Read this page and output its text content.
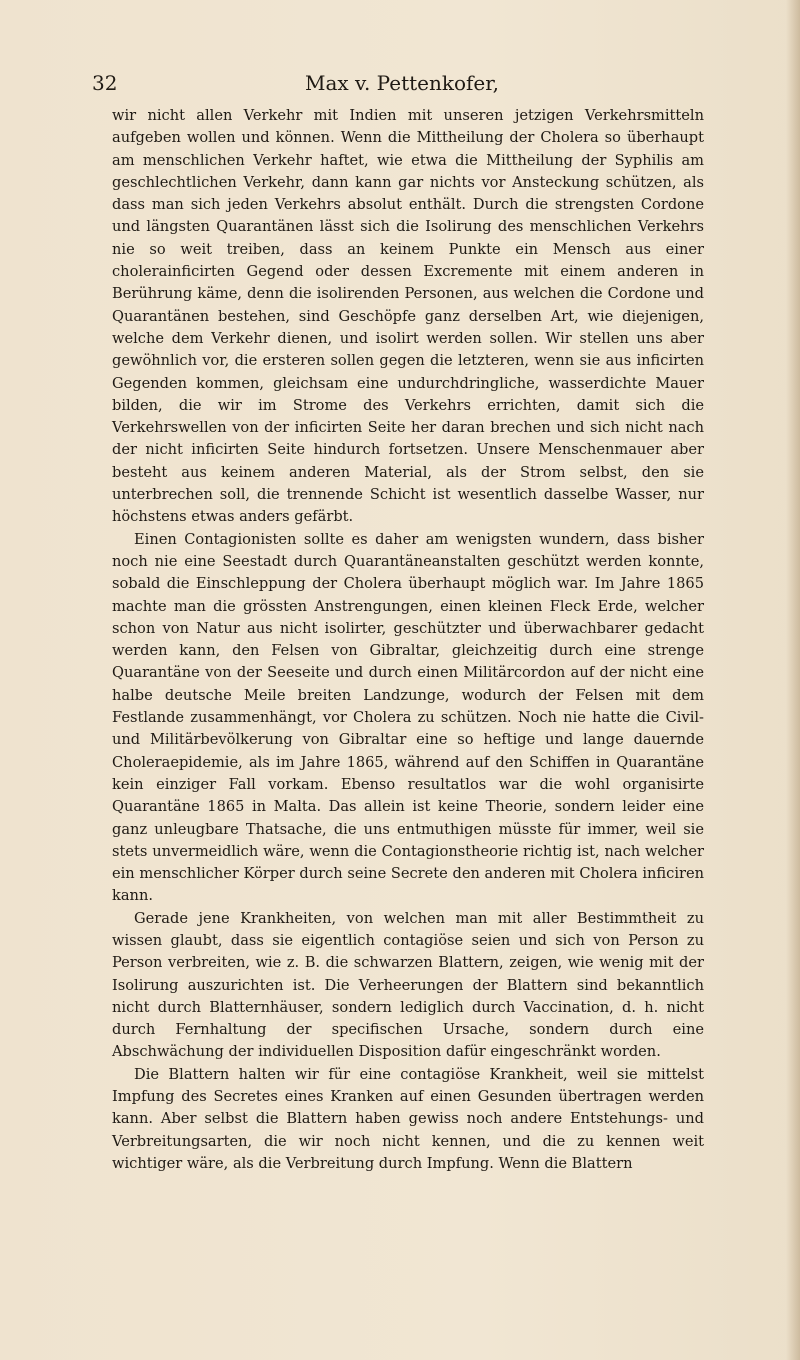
32	Max v. Pettenkofer,

wir nicht allen Verkehr mit Indien mit unseren jetzigen Verkehrsmitteln aufgeben wollen und können. Wenn die Mittheilung der Cholera so überhaupt am menschlichen Verkehr haftet, wie etwa die Mittheilung der Syphilis am geschlechtlichen Verkehr, dann kann gar nichts vor Ansteckung schützen, als dass man sich jeden Verkehrs absolut enthält. Durch die strengsten Cordone und längsten Quarantänen lässt sich die Isolirung des menschlichen Verkehrs nie so weit treiben, dass an keinem Punkte ein Mensch aus einer cholerainficirten Gegend oder dessen Excremente mit einem anderen in Berührung käme, denn die isolirenden Personen, aus welchen die Cordone und Quarantänen bestehen, sind Geschöpfe ganz derselben Art, wie diejenigen, welche dem Verkehr dienen, und isolirt werden sollen. Wir stellen uns aber gewöhnlich vor, die ersteren sollen gegen die letzteren, wenn sie aus inficirten Gegenden kommen, gleichsam eine undurchdringliche, wasserdichte Mauer bilden, die wir im Strome des Verkehrs errichten, damit sich die Verkehrswellen von der inficirten Seite her daran brechen und sich nicht nach der nicht inficirten Seite hindurch fortsetzen. Unsere Menschenmauer aber besteht aus keinem anderen Material, als der Strom selbst, den sie unterbrechen soll, die trennende Schicht ist wesentlich dasselbe Wasser, nur höchstens etwas anders gefärbt.

Einen Contagionisten sollte es daher am wenigsten wundern, dass bisher noch nie eine Seestadt durch Quarantäneanstalten geschützt werden konnte, sobald die Einschleppung der Cholera überhaupt möglich war. Im Jahre 1865 machte man die grössten Anstrengungen, einen kleinen Fleck Erde, welcher schon von Natur aus nicht isolirter, geschützter und überwachbarer gedacht werden kann, den Felsen von Gibraltar, gleichzeitig durch eine strenge Quarantäne von der Seeseite und durch einen Militärcordon auf der nicht eine halbe deutsche Meile breiten Landzunge, wodurch der Felsen mit dem Festlande zusammenhängt, vor Cholera zu schützen. Noch nie hatte die Civil- und Militärbevölkerung von Gibraltar eine so heftige und lange dauernde Choleraepidemie, als im Jahre 1865, während auf den Schiffen in Quarantäne kein einziger Fall vorkam. Ebenso resultatlos war die wohl organisirte Quarantäne 1865 in Malta. Das allein ist keine Theorie, sondern leider eine ganz unleugbare Thatsache, die uns entmuthigen müsste für immer, weil sie stets unvermeidlich wäre, wenn die Contagionstheorie richtig ist, nach welcher ein menschlicher Körper durch seine Secrete den anderen mit Cholera inficiren kann.

Gerade jene Krankheiten, von welchen man mit aller Bestimmtheit zu wissen glaubt, dass sie eigentlich contagiöse seien und sich von Person zu Person verbreiten, wie z. B. die schwarzen Blattern, zeigen, wie wenig mit der Isolirung auszurichten ist. Die Verheerungen der Blattern sind bekanntlich nicht durch Blatternhäuser, sondern lediglich durch Vaccination, d. h. nicht durch Fernhaltung der specifischen Ursache, sondern durch eine Abschwächung der individuellen Disposition dafür eingeschränkt worden.

Die Blattern halten wir für eine contagiöse Krankheit, weil sie mittelst Impfung des Secretes eines Kranken auf einen Gesunden übertragen werden kann. Aber selbst die Blattern haben gewiss noch andere Entstehungs- und Verbreitungsarten, die wir noch nicht kennen, und die zu kennen weit wichtiger wäre, als die Verbreitung durch Impfung. Wenn die Blattern
